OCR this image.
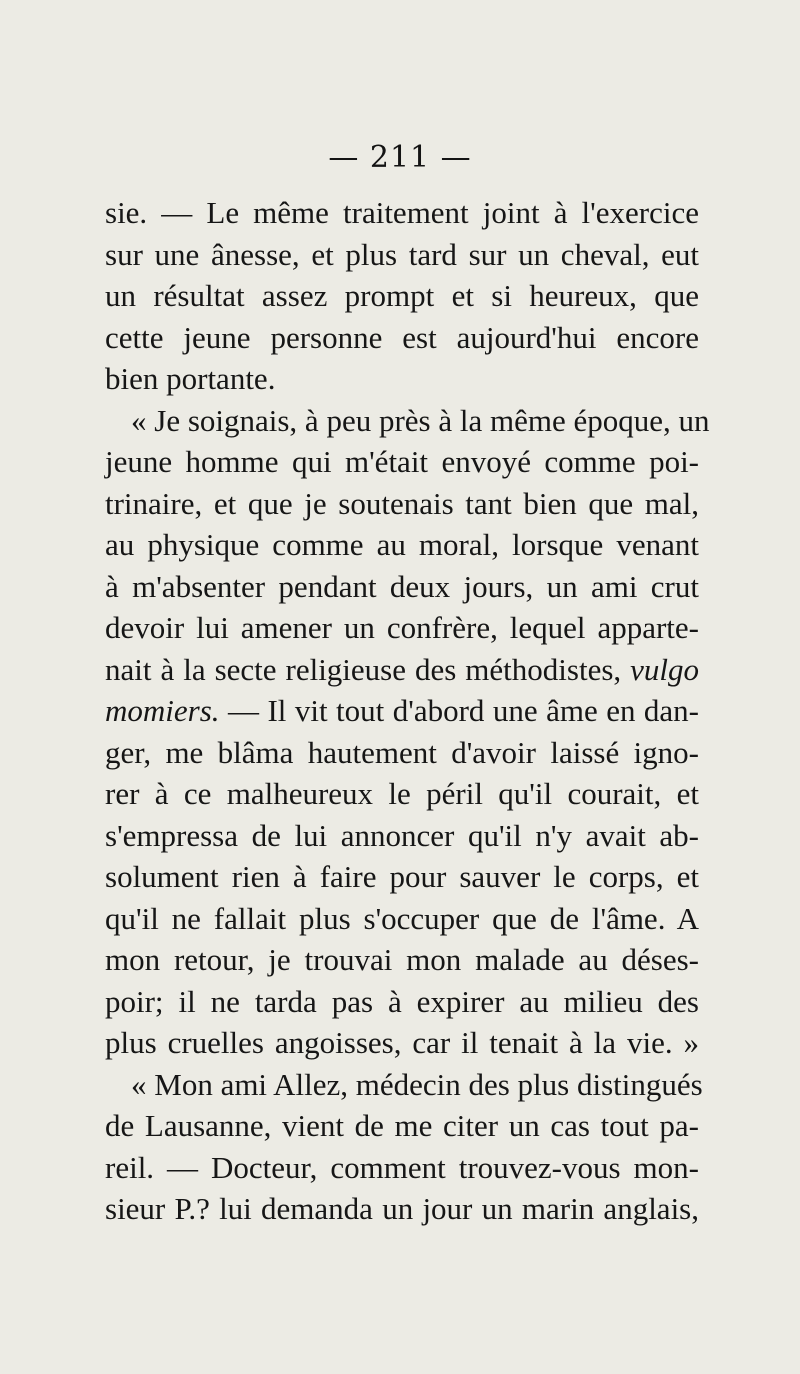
— 211 —
sie. — Le même traitement joint à l'exercice
sur une ânesse, et plus tard sur un cheval, eut
un résultat assez prompt et si heureux, que
cette jeune personne est aujourd'hui encore
bien portante.
« Je soignais, à peu près à la même époque, un
jeune homme qui m'était envoyé comme poi-
trinaire, et que je soutenais tant bien que mal,
au physique comme au moral, lorsque venant
à m'absenter pendant deux jours, un ami crut
devoir lui amener un confrère, lequel apparte-
nait à la secte religieuse des méthodistes, vulgo
momiers. — Il vit tout d'abord une âme en dan-
ger, me blâma hautement d'avoir laissé igno-
rer à ce malheureux le péril qu'il courait, et
s'empressa de lui annoncer qu'il n'y avait ab-
solument rien à faire pour sauver le corps, et
qu'il ne fallait plus s'occuper que de l'âme. A
mon retour, je trouvai mon malade au déses-
poir; il ne tarda pas à expirer au milieu des
plus cruelles angoisses, car il tenait à la vie. »
« Mon ami Allez, médecin des plus distingués
de Lausanne, vient de me citer un cas tout pa-
reil. — Docteur, comment trouvez-vous mon-
sieur P.? lui demanda un jour un marin anglais,
